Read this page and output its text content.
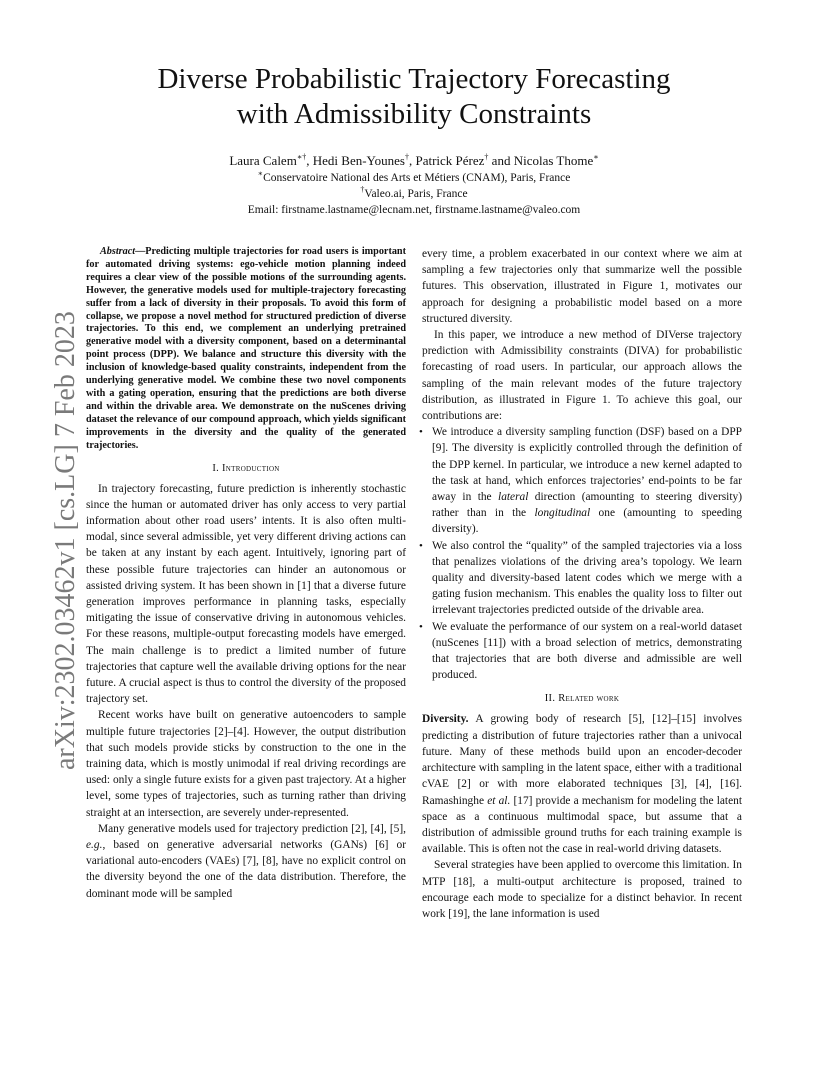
Diverse Probabilistic Trajectory Forecasting
with Admissibility Constraints
Laura Calem∗†, Hedi Ben-Younes†, Patrick Pérez† and Nicolas Thome∗
∗Conservatoire National des Arts et Métiers (CNAM), Paris, France
†Valeo.ai, Paris, France
Email: firstname.lastname@lecnam.net, firstname.lastname@valeo.com
arXiv:2302.03462v1 [cs.LG] 7 Feb 2023

Abstract—Predicting multiple trajectories for road users is important for automated driving systems: ego-vehicle motion planning indeed requires a clear view of the possible motions of the surrounding agents. However, the generative models used for multiple-trajectory forecasting suffer from a lack of diversity in their proposals. To avoid this form of collapse, we propose a novel method for structured prediction of diverse trajectories. To this end, we complement an underlying pretrained generative model with a diversity component, based on a determinantal point process (DPP). We balance and structure this diversity with the inclusion of knowledge-based quality constraints, independent from the underlying generative model. We combine these two novel components with a gating operation, ensuring that the predictions are both diverse and within the drivable area. We demonstrate on the nuScenes driving dataset the relevance of our compound approach, which yields significant improvements in the diversity and the quality of the generated trajectories.

I. Introduction

In trajectory forecasting, future prediction is inherently stochastic since the human or automated driver has only access to very partial information about other road users’ intents. It is also often multi-modal, since several admissible, yet very different driving actions can be taken at any instant by each agent. Intuitively, ignoring part of these possible future trajectories can hinder an autonomous or assisted driving system. It has been shown in [1] that a diverse future generation improves performance in planning tasks, especially mitigating the issue of conservative driving in autonomous vehicles. For these reasons, multiple-output forecasting models have emerged. The main challenge is to predict a limited number of future trajectories that capture well the available driving options for the near future. A crucial aspect is thus to control the diversity of the proposed trajectory set.

Recent works have built on generative autoencoders to sample multiple future trajectories [2]–[4]. However, the output distribution that such models provide sticks by construction to the one in the training data, which is mostly unimodal if real driving recordings are used: only a single future exists for a given past trajectory. At a higher level, some types of trajectories, such as turning rather than driving straight at an intersection, are severely under-represented.

Many generative models used for trajectory prediction [2], [4], [5], e.g., based on generative adversarial networks (GANs) [6] or variational auto-encoders (VAEs) [7], [8], have no explicit control on the diversity beyond the one of the data distribution. Therefore, the dominant mode will be sampled

every time, a problem exacerbated in our context where we aim at sampling a few trajectories only that summarize well the possible futures. This observation, illustrated in Figure 1, motivates our approach for designing a probabilistic model based on a more structured diversity.

In this paper, we introduce a new method of DIVerse trajectory prediction with Admissibility constraints (DIVA) for probabilistic forecasting of road users. In particular, our approach allows the sampling of the main relevant modes of the future trajectory distribution, as illustrated in Figure 1. To achieve this goal, our contributions are:

• We introduce a diversity sampling function (DSF) based on a DPP [9]. The diversity is explicitly controlled through the definition of the DPP kernel. In particular, we introduce a new kernel adapted to the task at hand, which enforces trajectories’ end-points to be far away in the lateral direction (amounting to steering diversity) rather than in the longitudinal one (amounting to speeding diversity).
• We also control the “quality” of the sampled trajectories via a loss that penalizes violations of the driving area’s topology. We learn quality and diversity-based latent codes which we merge with a gating fusion mechanism. This enables the quality loss to filter out irrelevant trajectories predicted outside of the drivable area.
• We evaluate the performance of our system on a real-world dataset (nuScenes [11]) with a broad selection of metrics, demonstrating that trajectories that are both diverse and admissible are well produced.
II. Related work

Diversity. A growing body of research [5], [12]–[15] involves predicting a distribution of future trajectories rather than a univocal future. Many of these methods build upon an encoder-decoder architecture with sampling in the latent space, either with a traditional cVAE [2] or with more elaborated techniques [3], [4], [16]. Ramashinghe et al. [17] provide a mechanism for modeling the latent space as a continuous multimodal space, but assume that a distribution of admissible ground truths for each training example is available. This is often not the case in real-world driving datasets.

Several strategies have been applied to overcome this limitation. In MTP [18], a multi-output architecture is proposed, trained to encourage each mode to specialize for a distinct behavior. In recent work [19], the lane information is used
